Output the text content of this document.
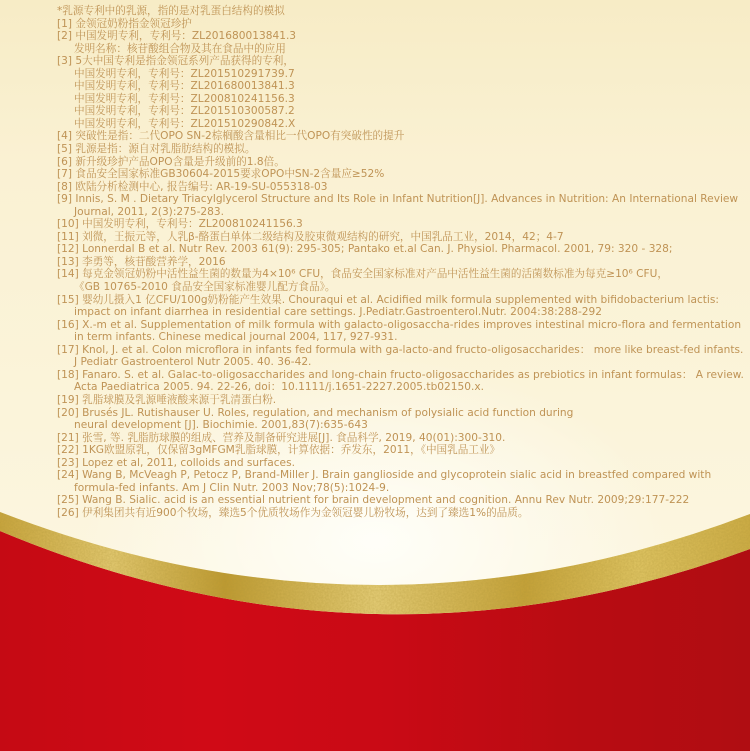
*乳源专利中的乳源，指的是对乳蛋白结构的模拟
[1] 金领冠奶粉指金领冠珍护
[2] 中国发明专利，专利号：ZL201680013841.3
发明名称：核苷酸组合物及其在食品中的应用
[3] 5大中国专利是指金领冠系列产品获得的专利，
中国发明专利，专利号：ZL201510291739.7
中国发明专利，专利号：ZL201680013841.3
中国发明专利，专利号：ZL200810241156.3
中国发明专利，专利号：ZL201510300587.2
中国发明专利，专利号：ZL201510290842.X
[4] 突破性是指：二代OPO SN-2棕榈酸含量相比一代OPO有突破性的提升
[5] 乳源是指：源自对乳脂肪结构的模拟。
[6] 新升级珍护产品OPO含量是升级前的1.8倍。
[7] 食品安全国家标准GB30604-2015要求OPO中SN-2含量应≥52%
[8] 欧陆分析检测中心, 报告编号: AR-19-SU-055318-03
[9] Innis, S. M . Dietary Triacylglycerol Structure and Its Role in Infant Nutrition[J]. Advances in Nutrition: An International Review
Journal, 2011, 2(3):275-283.
[10] 中国发明专利，专利号：ZL200810241156.3
[11] 刘微，王振元等，人乳β-酪蛋白单体二级结构及胶束微观结构的研究，中国乳品工业，2014，42；4-7
[12] Lonnerdal B et al. Nutr Rev. 2003 61(9): 295-305; Pantako et.al Can. J. Physiol. Pharmacol. 2001, 79: 320 - 328;
[13] 李勇等，核苷酸营养学，2016
[14] 每克金领冠奶粉中活性益生菌的数量为4×10⁶ CFU，食品安全国家标准对产品中活性益生菌的活菌数标准为每克≥10⁶ CFU，
《GB 10765-2010 食品安全国家标准婴儿配方食品》。
[15] 婴幼儿摄入1 亿CFU/100g奶粉能产生效果. Chouraqui et al. Acidified milk formula supplemented with bifidobacterium lactis:
impact on infant diarrhea in residential care settings. J.Pediatr.Gastroenterol.Nutr. 2004:38:288-292
[16] X.-m et al. Supplementation of milk formula with galacto-oligosaccha-rides improves intestinal micro-flora and fermentation
in term infants. Chinese medical journal 2004, 117, 927-931.
[17] Knol, J. et al. Colon microflora in infants fed formula with ga-lacto-and fructo-oligosaccharides： more like breast-fed infants.
J Pediatr Gastroenterol Nutr 2005. 40. 36-42.
[18] Fanaro. S. et al. Galac-to-oligosaccharides and long-chain fructo-oligosaccharides as prebiotics in infant formulas： A review.
Acta Paediatrica 2005. 94. 22-26, doi：10.1111/j.1651-2227.2005.tb02150.x.
[19] 乳脂球膜及乳源唾液酸来源于乳清蛋白粉.
[20] Brusés JL. Rutishauser U. Roles, regulation, and mechanism of polysialic acid function during
neural development [J]. Biochimie. 2001,83(7):635-643
[21] 张雪, 等. 乳脂肪球膜的组成、营养及制备研究进展[J]. 食品科学, 2019, 40(01):300-310.
[22] 1KG欧盟原乳，仅保留3gMFGM乳脂球膜，计算依据：乔发东，2011，《中国乳品工业》
[23] Lopez et al, 2011, colloids and surfaces.
[24] Wang B, McVeagh P, Petocz P, Brand-Miller J. Brain ganglioside and glycoprotein sialic acid in breastfed compared with
formula-fed infants. Am J Clin Nutr. 2003 Nov;78(5):1024-9.
[25] Wang B. Sialic. acid is an essential nutrient for brain development and cognition. Annu Rev Nutr. 2009;29:177-222
[26] 伊利集团共有近900个牧场，臻选5个优质牧场作为金领冠婴儿粉牧场，达到了臻选1%的品质。
